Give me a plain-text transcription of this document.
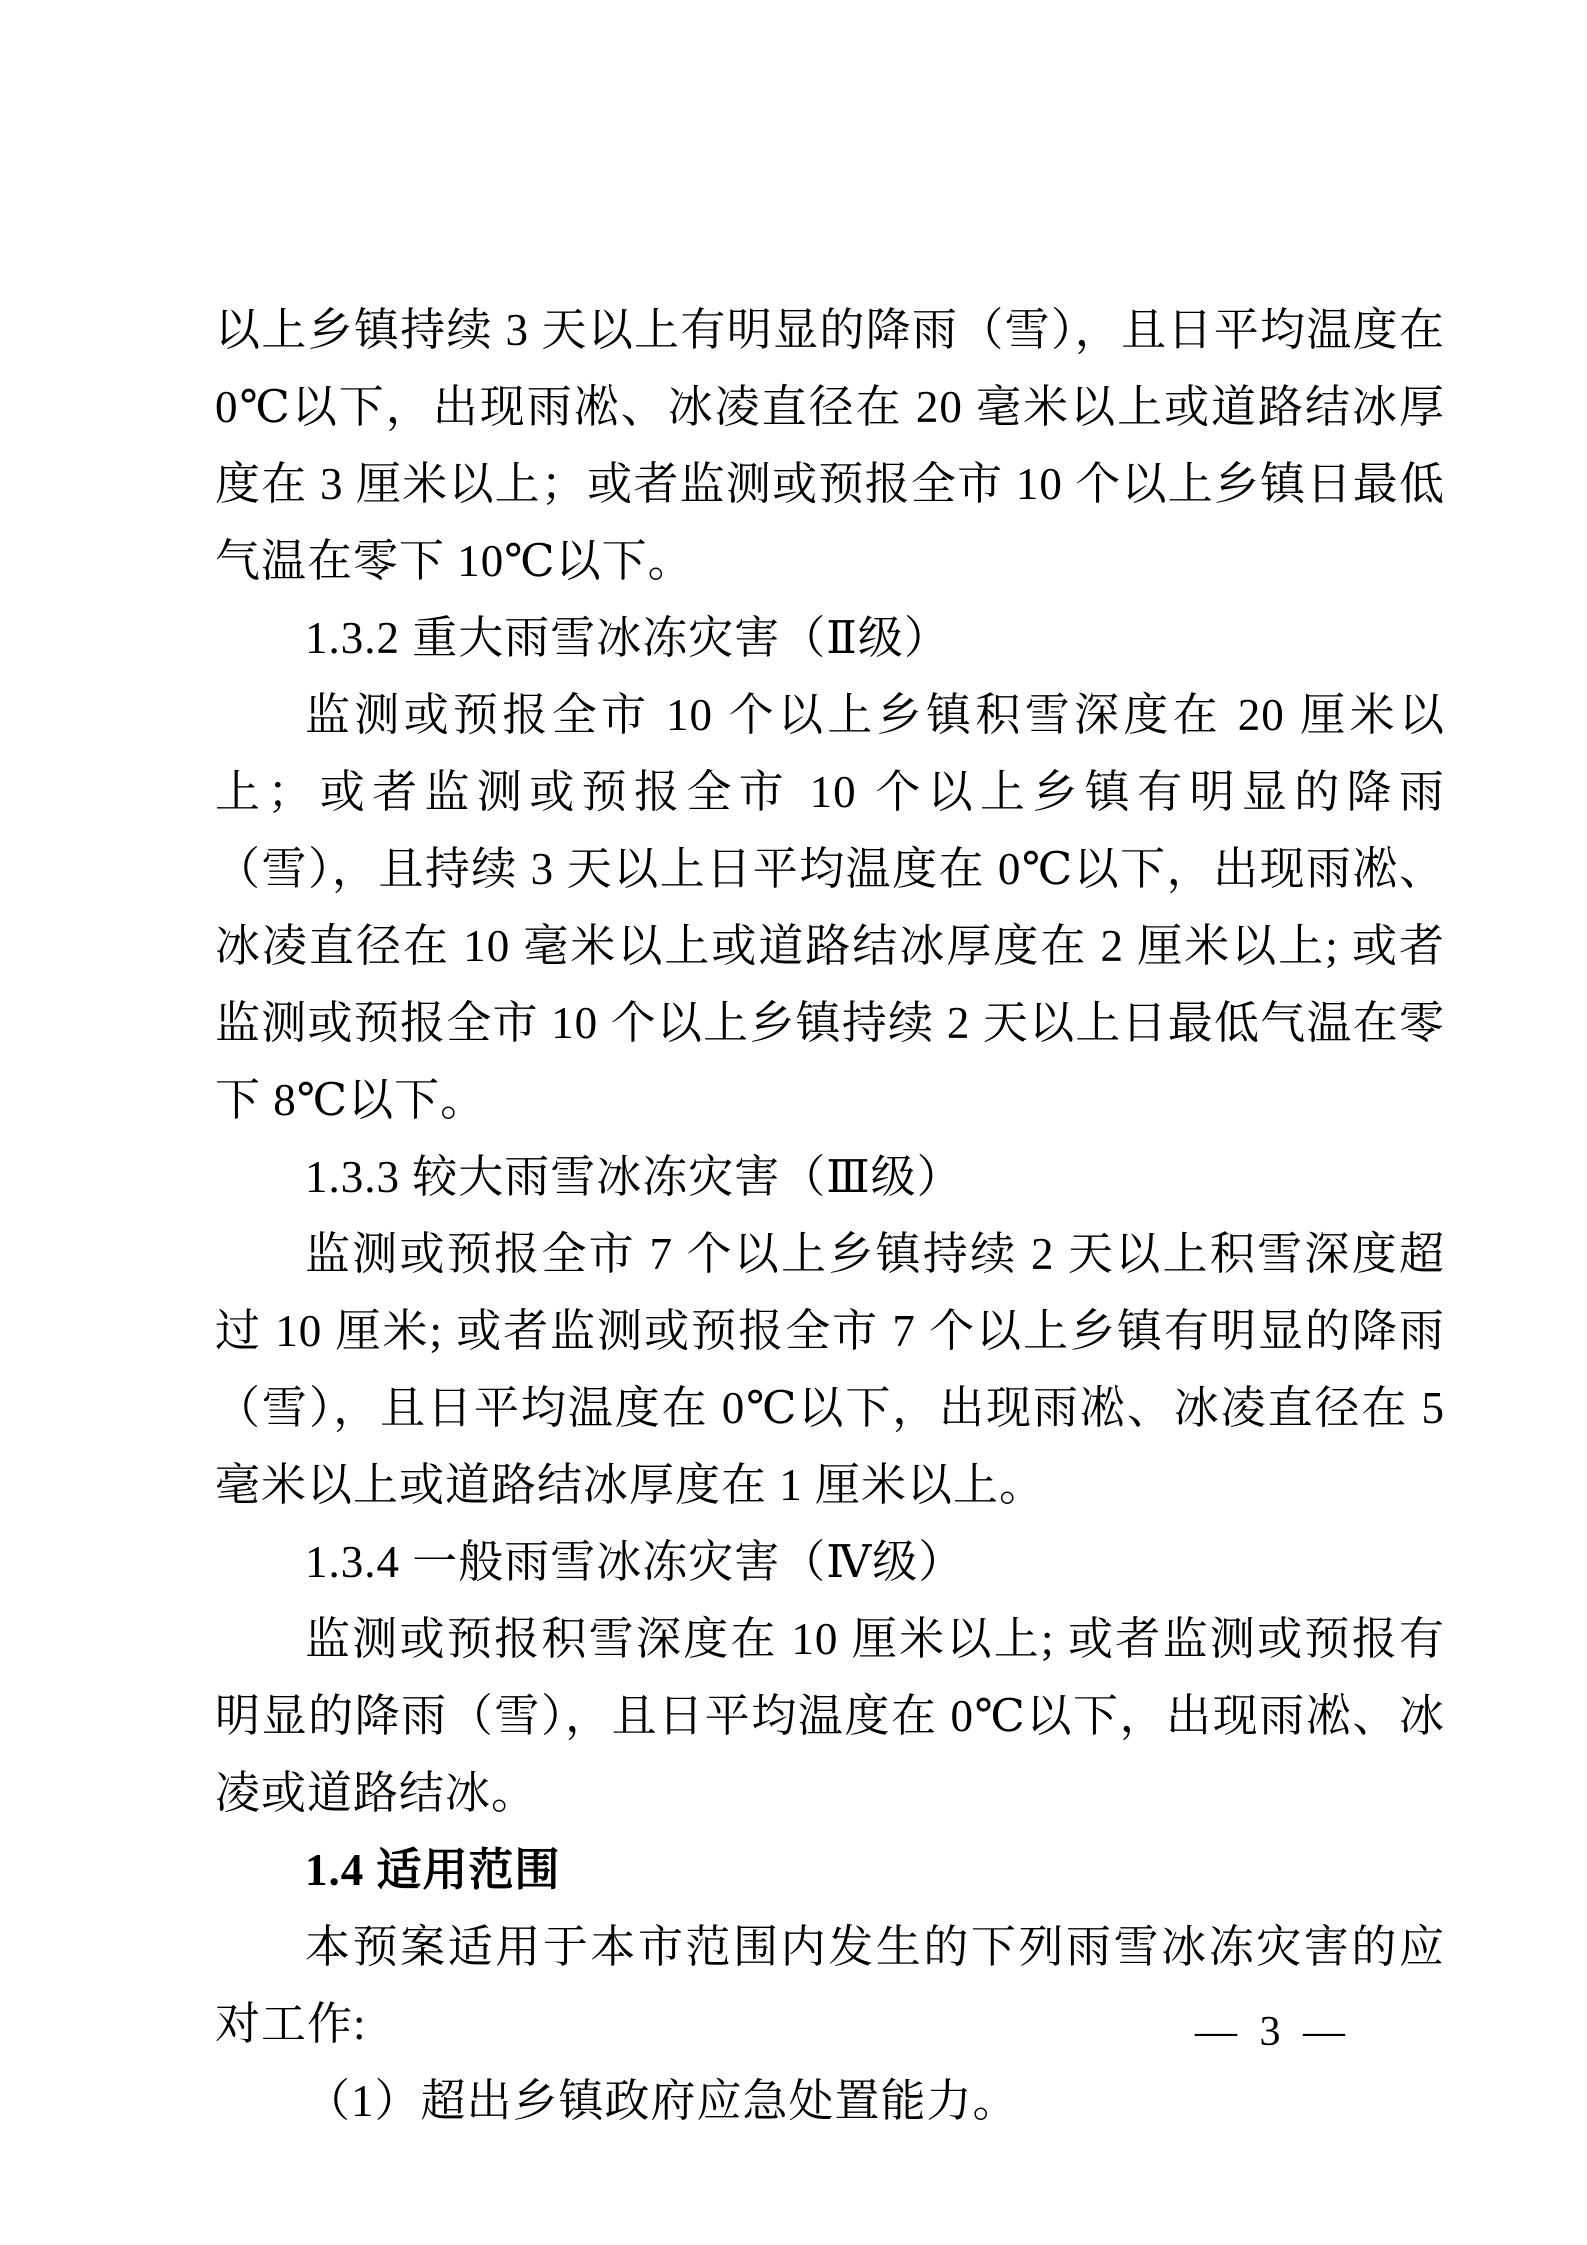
以上乡镇持续 3 天以上有明显的降雨（雪），且日平均温度在 0℃以下，出现雨凇、冰凌直径在 20 毫米以上或道路结冰厚度在 3 厘米以上；或者监测或预报全市 10 个以上乡镇日最低气温在零下 10℃以下。

1.3.2 重大雨雪冰冻灾害（Ⅱ级）

监测或预报全市 10 个以上乡镇积雪深度在 20 厘米以上；或者监测或预报全市 10 个以上乡镇有明显的降雨（雪），且持续 3 天以上日平均温度在 0℃以下，出现雨凇、冰凌直径在 10 毫米以上或道路结冰厚度在 2 厘米以上; 或者监测或预报全市 10 个以上乡镇持续 2 天以上日最低气温在零下 8℃以下。

1.3.3 较大雨雪冰冻灾害（Ⅲ级）

监测或预报全市 7 个以上乡镇持续 2 天以上积雪深度超过 10 厘米; 或者监测或预报全市 7 个以上乡镇有明显的降雨（雪），且日平均温度在 0℃以下，出现雨凇、冰凌直径在 5 毫米以上或道路结冰厚度在 1 厘米以上。

1.3.4 一般雨雪冰冻灾害（Ⅳ级）

监测或预报积雪深度在 10 厘米以上; 或者监测或预报有明显的降雨（雪），且日平均温度在 0℃以下，出现雨凇、冰凌或道路结冰。

1.4 适用范围

本预案适用于本市范围内发生的下列雨雪冰冻灾害的应对工作:

（1）超出乡镇政府应急处置能力。

— 3 —
